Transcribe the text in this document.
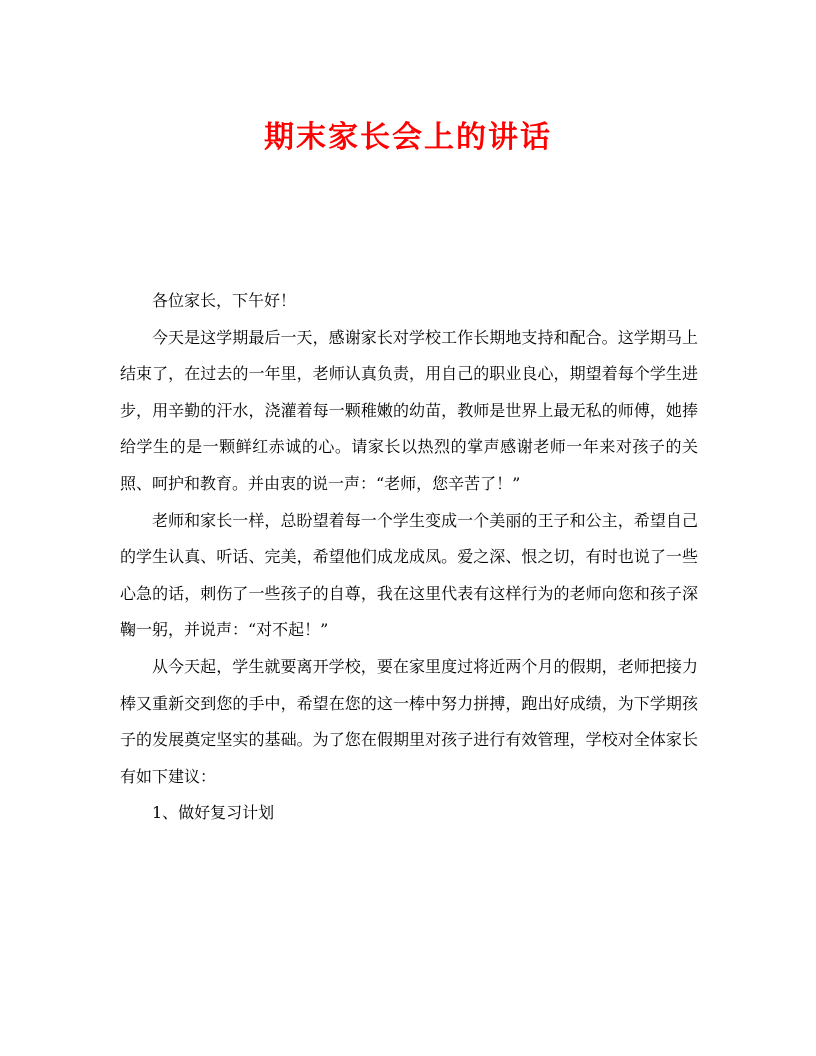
期末家长会上的讲话

各位家长，下午好！

今天是这学期最后一天，感谢家长对学校工作长期地支持和配合。这学期马上结束了，在过去的一年里，老师认真负责，用自己的职业良心，期望着每个学生进步，用辛勤的汗水，浇灌着每一颗稚嫩的幼苗，教师是世界上最无私的师傅，她捧给学生的是一颗鲜红赤诚的心。请家长以热烈的掌声感谢老师一年来对孩子的关照、呵护和教育。并由衷的说一声：“老师，您辛苦了！”

老师和家长一样，总盼望着每一个学生变成一个美丽的王子和公主，希望自己的学生认真、听话、完美，希望他们成龙成凤。爱之深、恨之切，有时也说了一些心急的话，刺伤了一些孩子的自尊，我在这里代表有这样行为的老师向您和孩子深鞠一躬，并说声：“对不起！”

从今天起，学生就要离开学校，要在家里度过将近两个月的假期，老师把接力棒又重新交到您的手中，希望在您的这一棒中努力拼搏，跑出好成绩，为下学期孩子的发展奠定坚实的基础。为了您在假期里对孩子进行有效管理，学校对全体家长有如下建议：

1、做好复习计划
